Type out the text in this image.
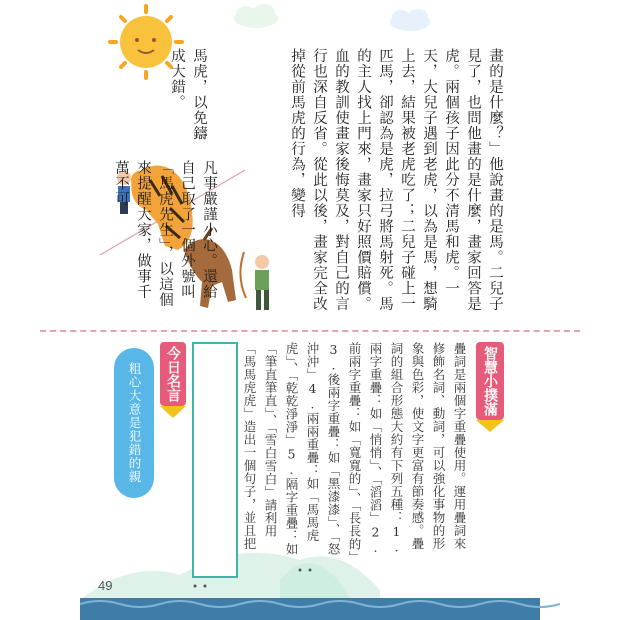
畫的是什麼？」他說畫的是馬。二兒子見了，也問他畫的是什麼，畫家回答是虎。兩個孩子因此分不清馬和虎。一天，大兒子遇到老虎，以為是馬，想騎上去，結果被老虎吃了；二兒子碰上一匹馬，卻認為是虎，拉弓將馬射死。馬的主人找上門來，畫家只好照價賠償。血的教訓使畫家後悔莫及，對自己的言行也深自反省。從此以後，畫家完全改掉從前馬虎的行為，變得
馬虎，以免鑄成大錯。
凡事嚴謹小心。還給自己取了一個外號叫「馬虎先生」，以這個來提醒大家，做事千萬不可
智慧小撲滿
疊詞是兩個字重疊使用。運用疊詞來修飾名詞、動詞，可以強化事物的形象與色彩，使文字更富有節奏感。疊詞的組合形態大約有下列五種：1.兩字重疊：如「悄悄」、「滔滔」2.前兩字重疊：如「寬寬的」、「長長的」3.後兩字重疊：如「黑漆漆」、「怒沖沖」4.兩兩重疊：如「馬馬虎虎」、「乾乾淨淨」5.隔字重疊：如「筆直筆直」、「雪白雪白」請利用「馬馬虎虎」造出一個句子，並且把
今日名言
粗心大意是犯錯的親戚。
49
